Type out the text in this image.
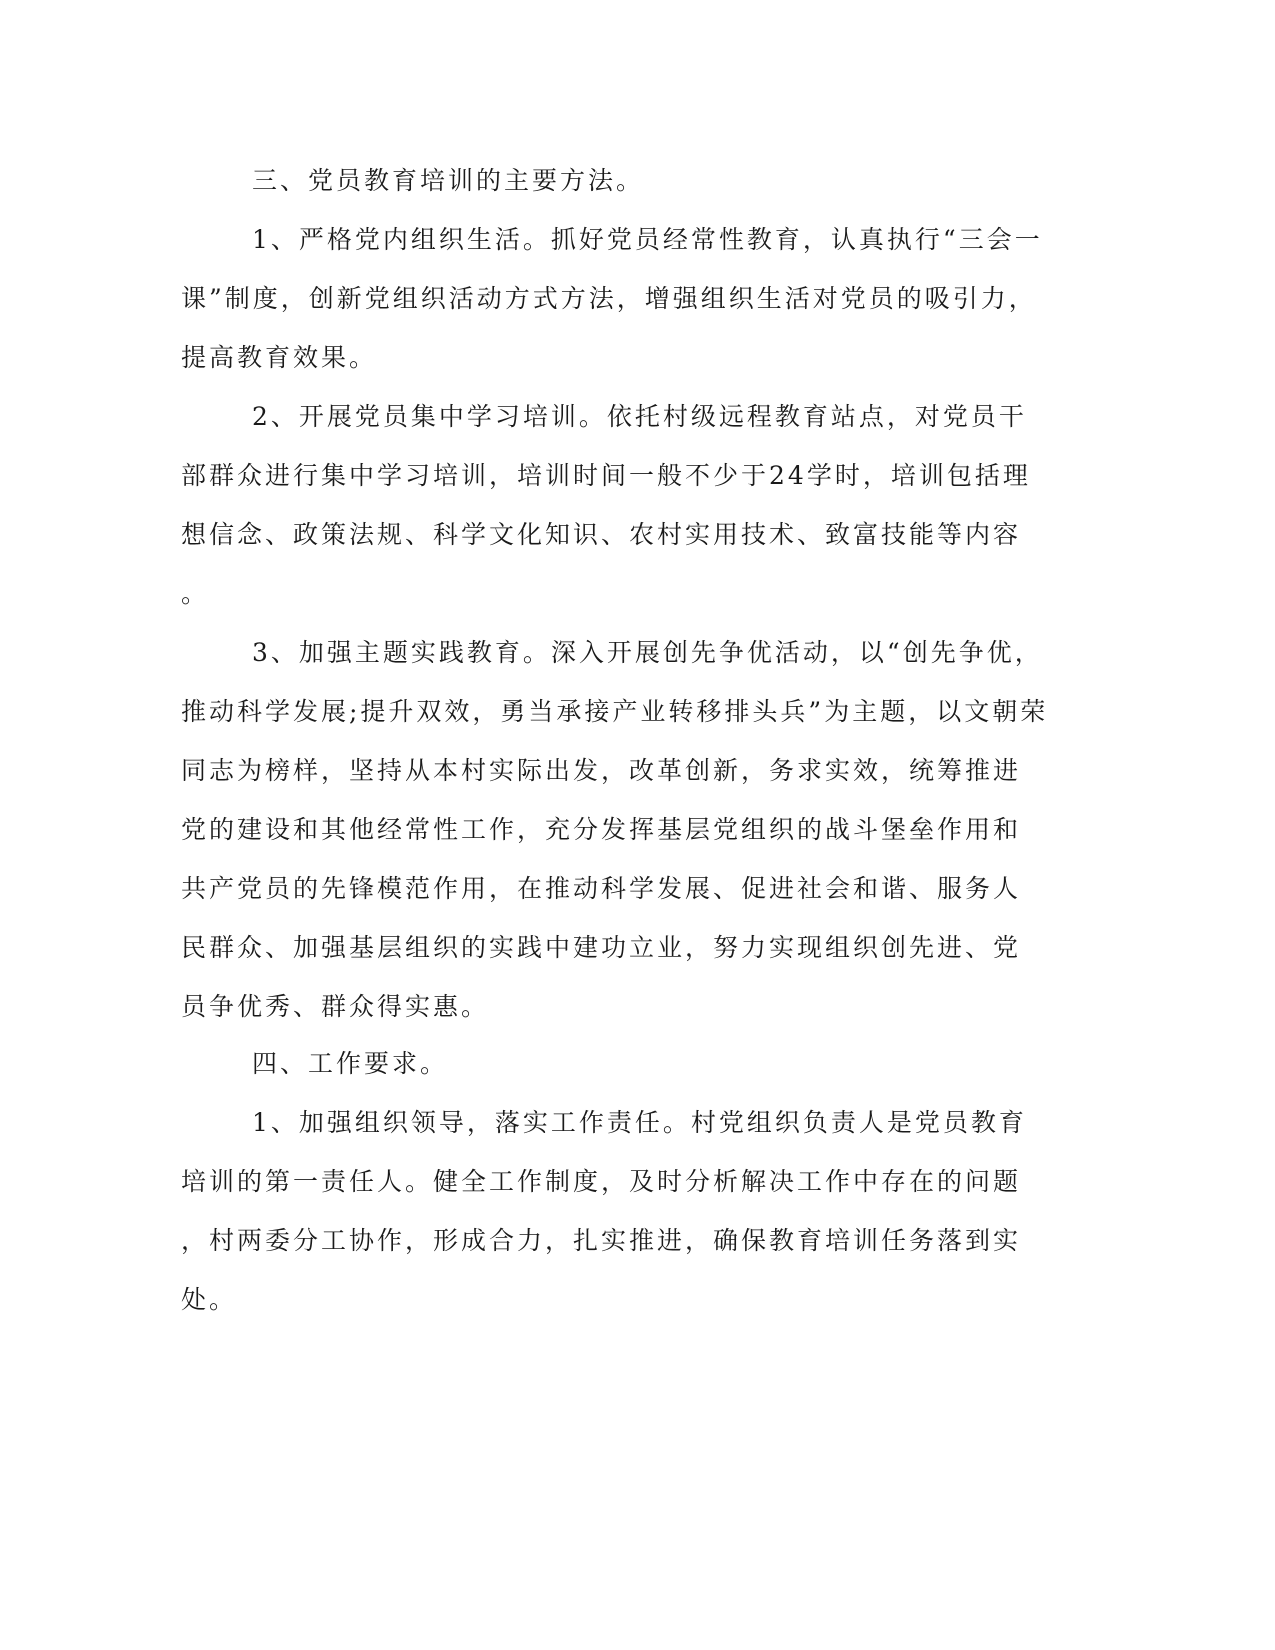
三、党员教育培训的主要方法。
1、严格党内组织生活。抓好党员经常性教育，认真执行“三会一
课”制度，创新党组织活动方式方法，增强组织生活对党员的吸引力，
提高教育效果。
2、开展党员集中学习培训。依托村级远程教育站点，对党员干
部群众进行集中学习培训，培训时间一般不少于24学时，培训包括理
想信念、政策法规、科学文化知识、农村实用技术、致富技能等内容
。
3、加强主题实践教育。深入开展创先争优活动，以“创先争优，
推动科学发展;提升双效，勇当承接产业转移排头兵”为主题，以文朝荣
同志为榜样，坚持从本村实际出发，改革创新，务求实效，统筹推进
党的建设和其他经常性工作，充分发挥基层党组织的战斗堡垒作用和
共产党员的先锋模范作用，在推动科学发展、促进社会和谐、服务人
民群众、加强基层组织的实践中建功立业，努力实现组织创先进、党
员争优秀、群众得实惠。
四、工作要求。
1、加强组织领导，落实工作责任。村党组织负责人是党员教育
培训的第一责任人。健全工作制度，及时分析解决工作中存在的问题
，村两委分工协作，形成合力，扎实推进，确保教育培训任务落到实
处。
